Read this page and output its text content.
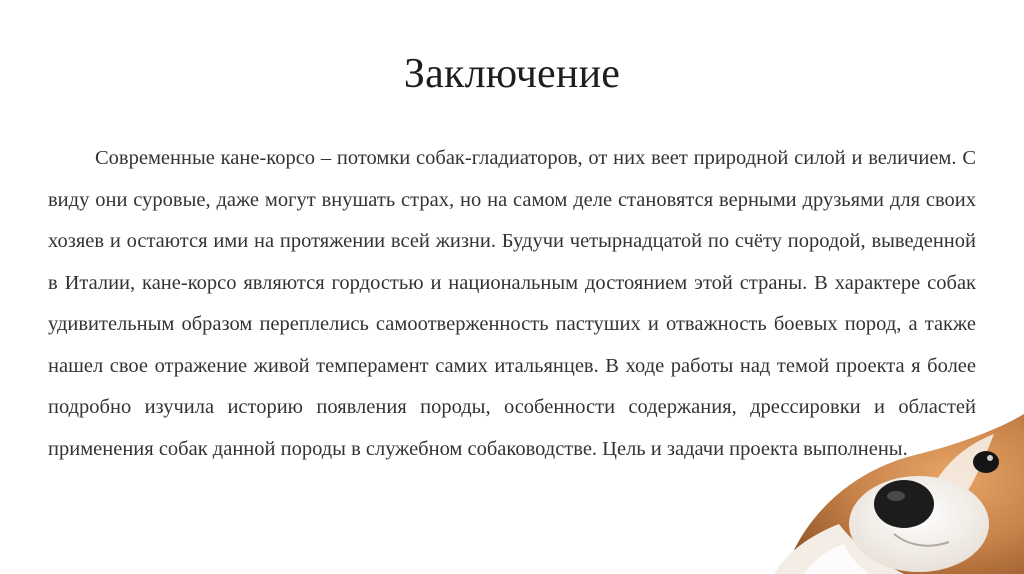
Заключение

Современные кане-корсо – потомки собак-гладиаторов, от них веет природной силой и величием. С виду они суровые, даже могут внушать страх, но на самом деле становятся верными друзьями для своих хозяев и остаются ими на протяжении всей жизни. Будучи четырнадцатой по счёту породой, выведенной в Италии, кане-корсо являются гордостью и национальным достоянием этой страны. В характере собак удивительным образом переплелись самоотверженность пастуших и отважность боевых пород, а также нашел свое отражение живой темперамент самих итальянцев. В ходе работы над темой проекта я более подробно изучила историю появления породы, особенности содержания, дрессировки и областей применения собак данной породы в служебном собаководстве. Цель и задачи проекта выполнены.
